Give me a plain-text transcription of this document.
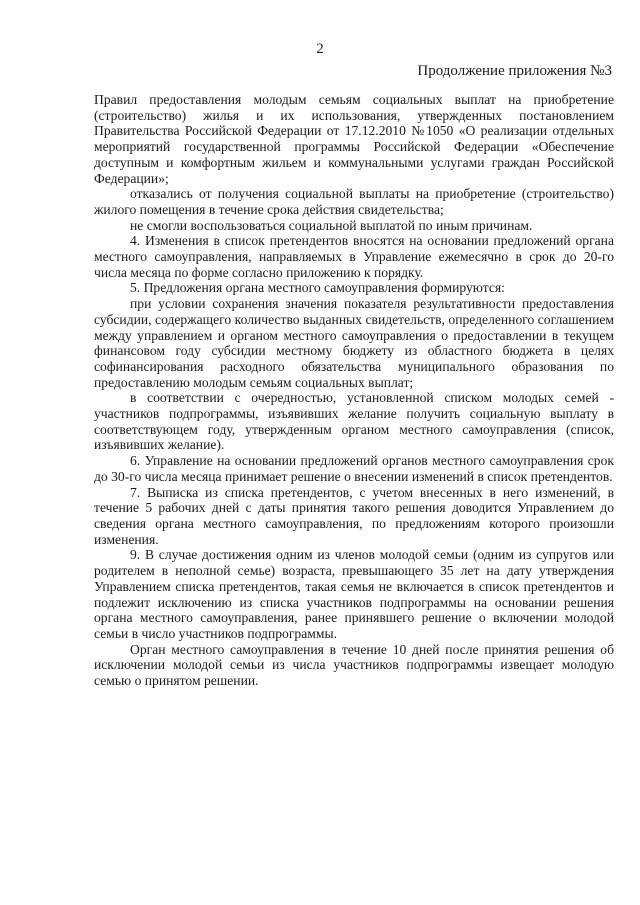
2
Продолжение приложения №3

Правил предоставления молодым семьям социальных выплат на приобретение (строительство) жилья и их использования, утвержденных постановлением Правительства Российской Федерации от 17.12.2010 №1050 «О реализации отдельных мероприятий государственной программы Российской Федерации «Обеспечение доступным и комфортным жильем и коммунальными услугами граждан Российской Федерации»;

отказались от получения социальной выплаты на приобретение (строительство) жилого помещения в течение срока действия свидетельства;

не смогли воспользоваться социальной выплатой по иным причинам.

4. Изменения в список претендентов вносятся на основании предложений органа местного самоуправления, направляемых в Управление ежемесячно в срок до 20-го числа месяца по форме согласно приложению к порядку.

5. Предложения органа местного самоуправления формируются:

при условии сохранения значения показателя результативности предоставления субсидии, содержащего количество выданных свидетельств, определенного соглашением между управлением и органом местного самоуправления о предоставлении в текущем финансовом году субсидии местному бюджету из областного бюджета в целях софинансирования расходного обязательства муниципального образования по предоставлению молодым семьям социальных выплат;

в соответствии с очередностью, установленной списком молодых семей - участников подпрограммы, изъявивших желание получить социальную выплату в соответствующем году, утвержденным органом местного самоуправления (список, изъявивших желание).

6. Управление на основании предложений органов местного самоуправления срок до 30-го числа месяца принимает решение о внесении изменений в список претендентов.

7. Выписка из списка претендентов, с учетом внесенных в него изменений, в течение 5 рабочих дней с даты принятия такого решения доводится Управлением до сведения органа местного самоуправления, по предложениям которого произошли изменения.

9. В случае достижения одним из членов молодой семьи (одним из супругов или родителем в неполной семье) возраста, превышающего 35 лет на дату утверждения Управлением списка претендентов, такая семья не включается в список претендентов и подлежит исключению из списка участников подпрограммы на основании решения органа местного самоуправления, ранее принявшего решение о включении молодой семьи в число участников подпрограммы.

Орган местного самоуправления в течение 10 дней после принятия решения об исключении молодой семьи из числа участников подпрограммы извещает молодую семью о принятом решении.
